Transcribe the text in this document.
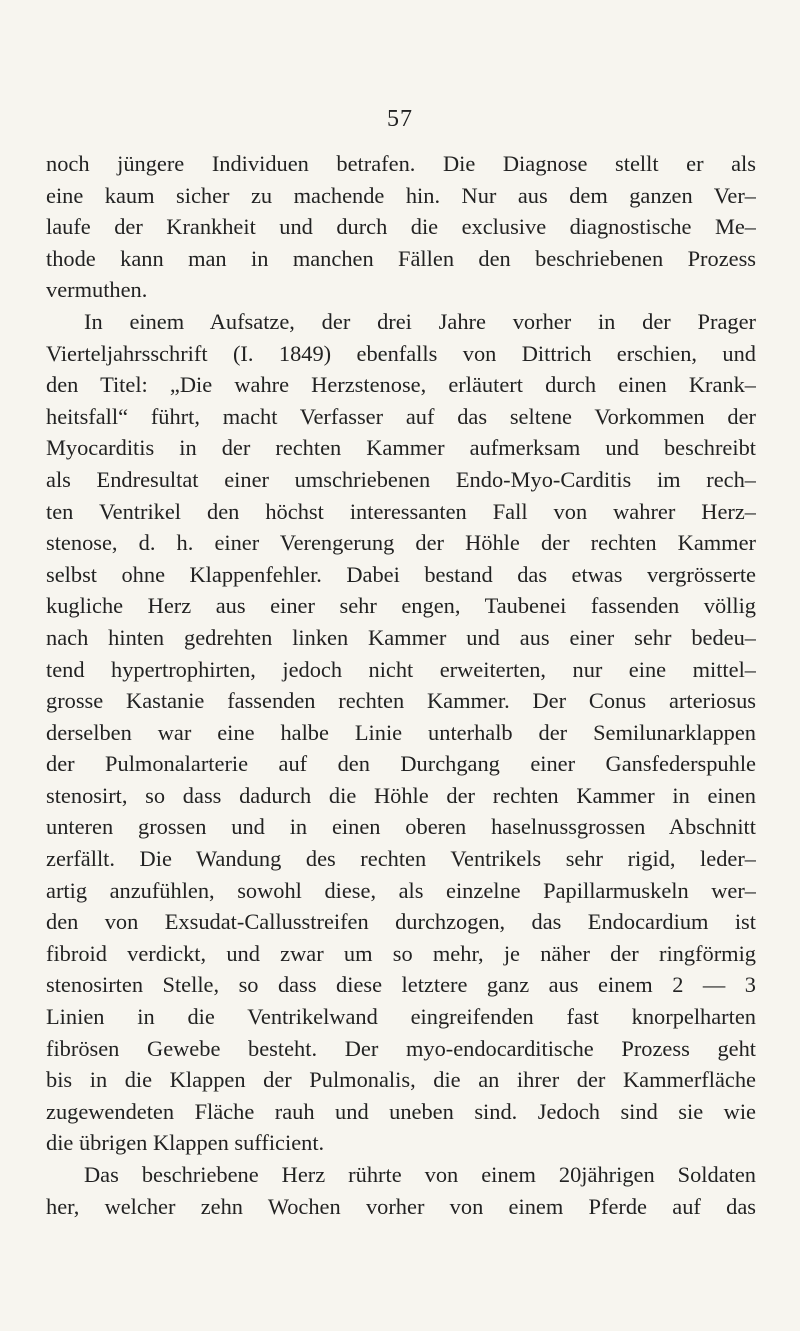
57
noch jüngere Individuen betrafen. Die Diagnose stellt er als
eine kaum sicher zu machende hin. Nur aus dem ganzen Ver–
laufe der Krankheit und durch die exclusive diagnostische Me–
thode kann man in manchen Fällen den beschriebenen Prozess
vermuthen.
In einem Aufsatze, der drei Jahre vorher in der Prager
Vierteljahrsschrift (I. 1849) ebenfalls von Dittrich erschien, und
den Titel: „Die wahre Herzstenose, erläutert durch einen Krank–
heitsfall“ führt, macht Verfasser auf das seltene Vorkommen der
Myocarditis in der rechten Kammer aufmerksam und beschreibt
als Endresultat einer umschriebenen Endo-Myo-Carditis im rech–
ten Ventrikel den höchst interessanten Fall von wahrer Herz–
stenose, d. h. einer Verengerung der Höhle der rechten Kammer
selbst ohne Klappenfehler. Dabei bestand das etwas vergrösserte
kugliche Herz aus einer sehr engen, Taubenei fassenden völlig
nach hinten gedrehten linken Kammer und aus einer sehr bedeu–
tend hypertrophirten, jedoch nicht erweiterten, nur eine mittel–
grosse Kastanie fassenden rechten Kammer. Der Conus arteriosus
derselben war eine halbe Linie unterhalb der Semilunarklappen
der Pulmonalarterie auf den Durchgang einer Gansfederspuhle
stenosirt, so dass dadurch die Höhle der rechten Kammer in einen
unteren grossen und in einen oberen haselnussgrossen Abschnitt
zerfällt. Die Wandung des rechten Ventrikels sehr rigid, leder–
artig anzufühlen, sowohl diese, als einzelne Papillarmuskeln wer–
den von Exsudat-Callusstreifen durchzogen, das Endocardium ist
fibroid verdickt, und zwar um so mehr, je näher der ringförmig
stenosirten Stelle, so dass diese letztere ganz aus einem 2 — 3
Linien in die Ventrikelwand eingreifenden fast knorpelharten
fibrösen Gewebe besteht. Der myo-endocarditische Prozess geht
bis in die Klappen der Pulmonalis, die an ihrer der Kammerfläche
zugewendeten Fläche rauh und uneben sind. Jedoch sind sie wie
die übrigen Klappen sufficient.
Das beschriebene Herz rührte von einem 20jährigen Soldaten
her, welcher zehn Wochen vorher von einem Pferde auf das
